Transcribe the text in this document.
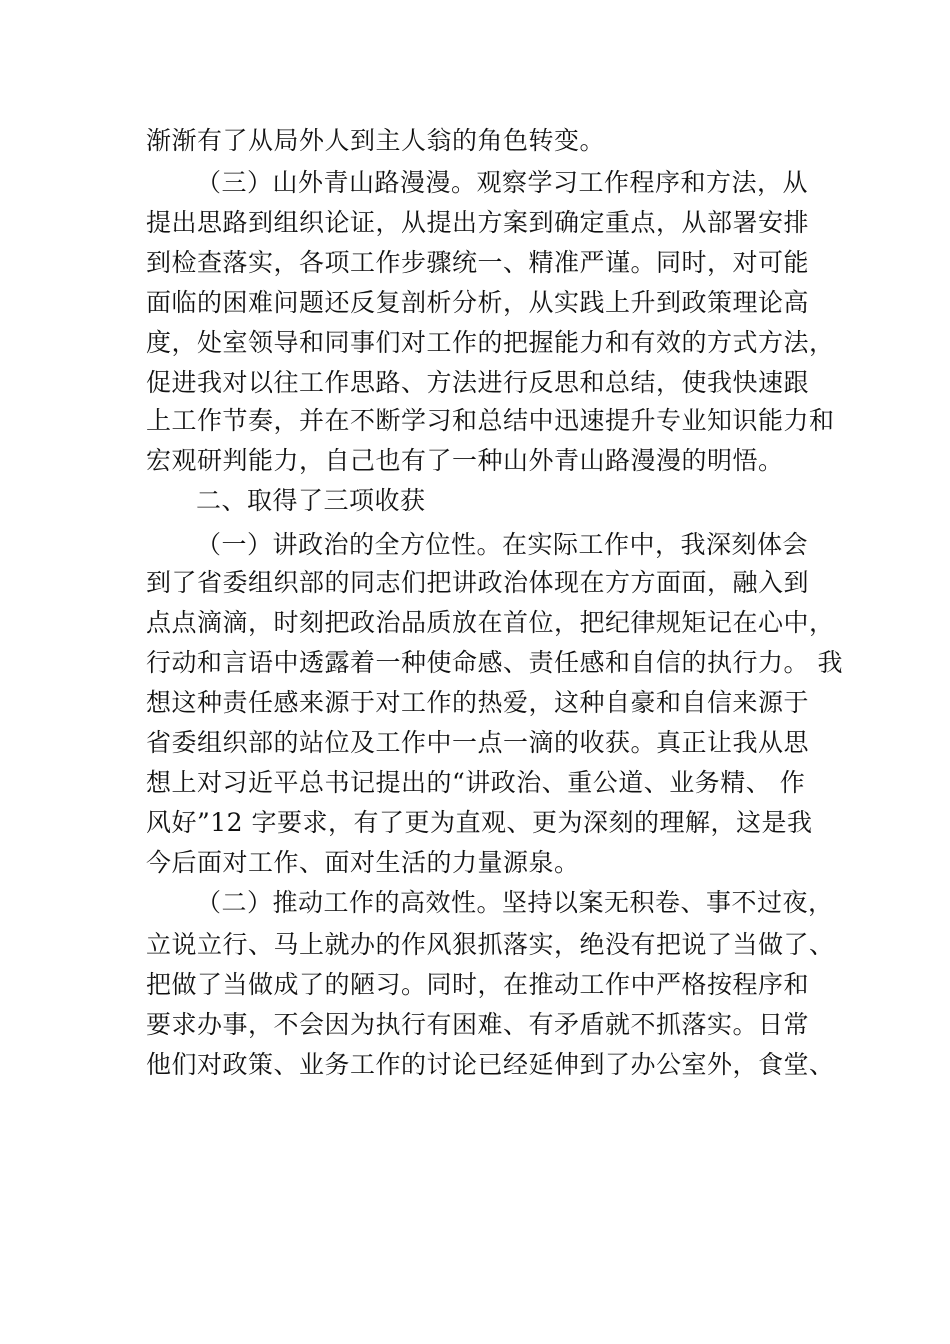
渐渐有了从局外人到主人翁的角色转变。
（三）山外青山路漫漫。观察学习工作程序和方法，从
提出思路到组织论证，从提出方案到确定重点，从部署安排
到检查落实，各项工作步骤统一、精准严谨。同时，对可能
面临的困难问题还反复剖析分析，从实践上升到政策理论高
度，处室领导和同事们对工作的把握能力和有效的方式方法，
促进我对以往工作思路、方法进行反思和总结，使我快速跟
上工作节奏，并在不断学习和总结中迅速提升专业知识能力和
宏观研判能力，自己也有了一种山外青山路漫漫的明悟。
二、取得了三项收获
（一）讲政治的全方位性。在实际工作中，我深刻体会
到了省委组织部的同志们把讲政治体现在方方面面，融入到
点点滴滴，时刻把政治品质放在首位，把纪律规矩记在心中，
行动和言语中透露着一种使命感、责任感和自信的执行力。 我
想这种责任感来源于对工作的热爱，这种自豪和自信来源于
省委组织部的站位及工作中一点一滴的收获。真正让我从思
想上对习近平总书记提出的“讲政治、重公道、业务精、 作
风好”12 字要求，有了更为直观、更为深刻的理解，这是我
今后面对工作、面对生活的力量源泉。
（二）推动工作的高效性。坚持以案无积卷、事不过夜，
立说立行、马上就办的作风狠抓落实，绝没有把说了当做了、
把做了当做成了的陋习。同时，在推动工作中严格按程序和
要求办事，不会因为执行有困难、有矛盾就不抓落实。日常
他们对政策、业务工作的讨论已经延伸到了办公室外，食堂、
